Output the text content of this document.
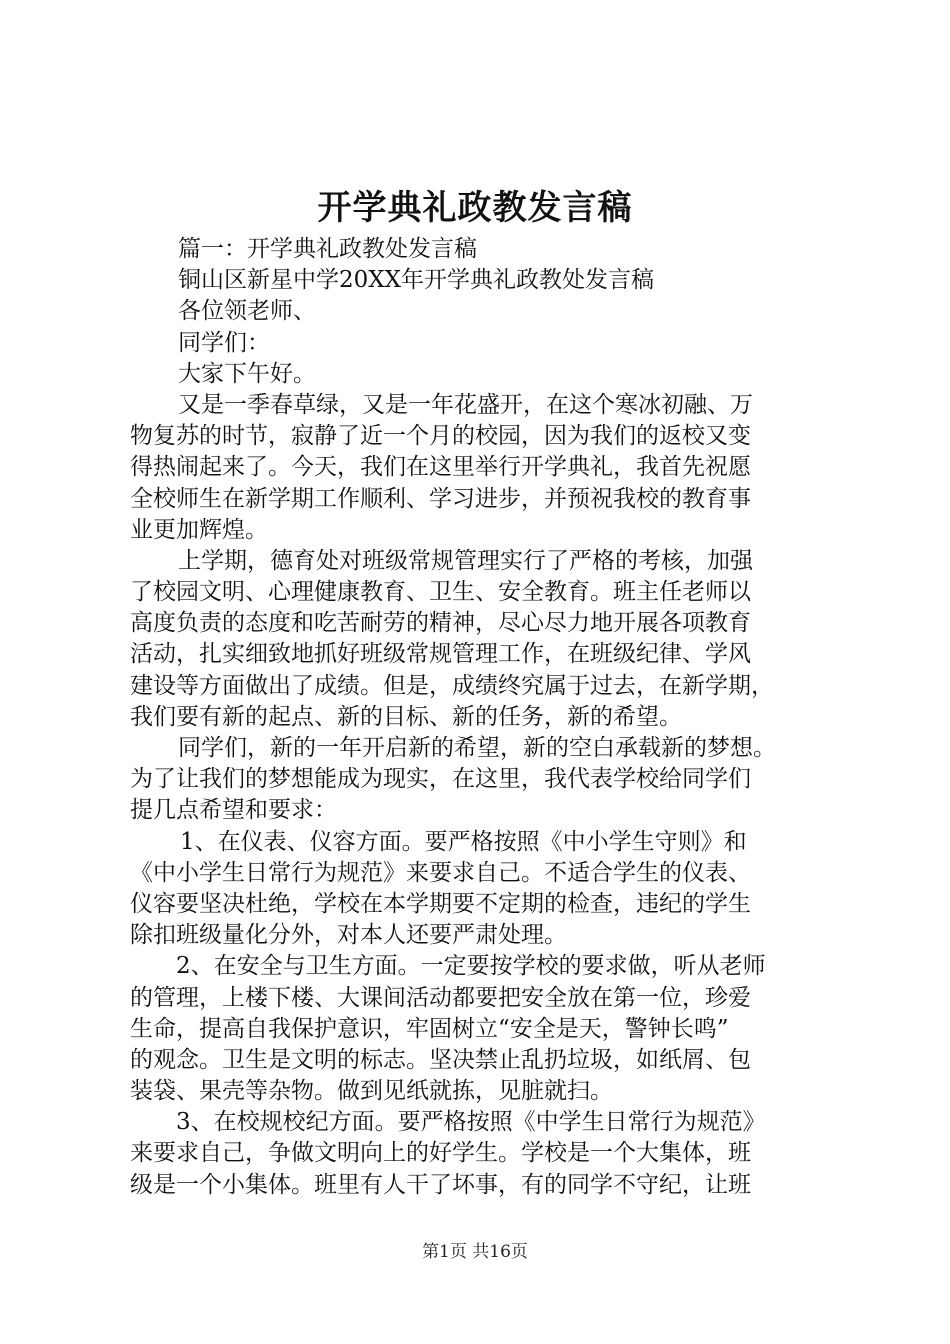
开学典礼政教发言稿

篇一：开学典礼政教处发言稿

铜山区新星中学20XX年开学典礼政教处发言稿

各位领老师、

同学们：

大家下午好。

又是一季春草绿，又是一年花盛开，在这个寒冰初融、万

物复苏的时节，寂静了近一个月的校园，因为我们的返校又变

得热闹起来了。今天，我们在这里举行开学典礼，我首先祝愿

全校师生在新学期工作顺利、学习进步，并预祝我校的教育事

业更加辉煌。

上学期，德育处对班级常规管理实行了严格的考核，加强

了校园文明、心理健康教育、卫生、安全教育。班主任老师以

高度负责的态度和吃苦耐劳的精神，尽心尽力地开展各项教育

活动，扎实细致地抓好班级常规管理工作，在班级纪律、学风

建设等方面做出了成绩。但是，成绩终究属于过去，在新学期，

我们要有新的起点、新的目标、新的任务，新的希望。

同学们，新的一年开启新的希望，新的空白承载新的梦想。

为了让我们的梦想能成为现实，在这里，我代表学校给同学们

提几点希望和要求：

1、在仪表、仪容方面。要严格按照《中小学生守则》和

《中小学生日常行为规范》来要求自己。不适合学生的仪表、

仪容要坚决杜绝，学校在本学期要不定期的检查，违纪的学生

除扣班级量化分外，对本人还要严肃处理。

2、在安全与卫生方面。一定要按学校的要求做，听从老师

的管理，上楼下楼、大课间活动都要把安全放在第一位，珍爱

生命，提高自我保护意识，牢固树立“安全是天，警钟长鸣”

的观念。卫生是文明的标志。坚决禁止乱扔垃圾，如纸屑、包

装袋、果壳等杂物。做到见纸就拣，见脏就扫。

3、在校规校纪方面。要严格按照《中学生日常行为规范》

来要求自己，争做文明向上的好学生。学校是一个大集体，班

级是一个小集体。班里有人干了坏事，有的同学不守纪，让班

第1页 共16页
